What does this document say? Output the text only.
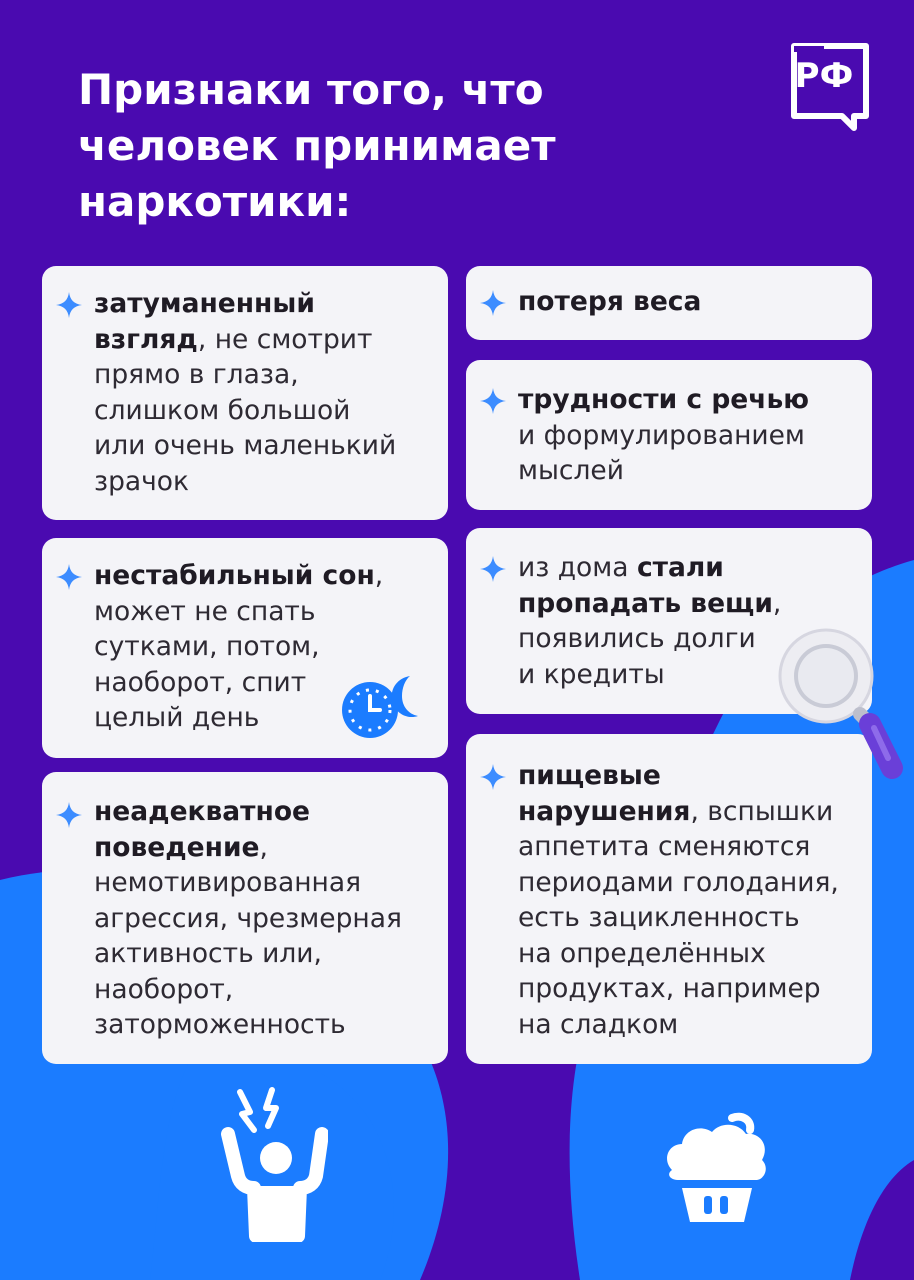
Признаки того, что
человек принимает
наркотики:
РФ
затуманенный
взгляд, не смотрит
прямо в глаза,
слишком большой
или очень маленький
зрачок
нестабильный сон,
может не спать
сутками, потом,
наоборот, спит
целый день
неадекватное
поведение,
немотивированная
агрессия, чрезмерная
активность или,
наоборот,
заторможенность
потеря веса
трудности с речью
и формулированием
мыслей
из дома стали
пропадать вещи,
появились долги
и кредиты
пищевые
нарушения, вспышки
аппетита сменяются
периодами голодания,
есть зацикленность
на определённых
продуктах, например
на сладком
